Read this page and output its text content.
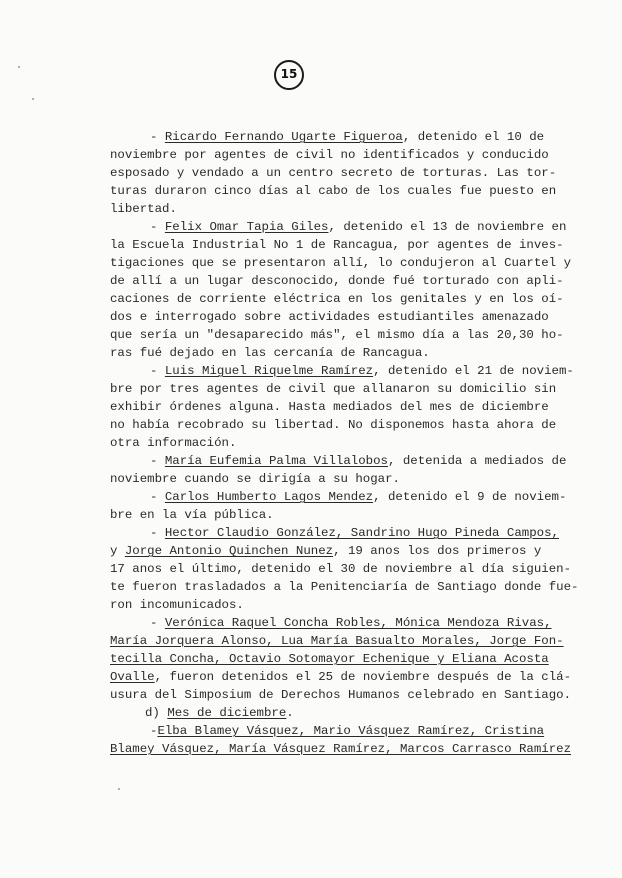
15
- Ricardo Fernando Ugarte Figueroa, detenido el 10 de
noviembre por agentes de civil no identificados y conducido
esposado y vendado a un centro secreto de torturas. Las tor-
turas duraron cinco días al cabo de los cuales fue puesto en
libertad.
- Felix Omar Tapia Giles, detenido el 13 de noviembre en
la Escuela Industrial No 1 de Rancagua, por agentes de inves-
tigaciones que se presentaron allí, lo condujeron al Cuartel y
de allí a un lugar desconocido, donde fué torturado con apli-
caciones de corriente eléctrica en los genitales y en los oí-
dos e interrogado sobre actividades estudiantiles amenazado
que sería un "desaparecido más", el mismo día a las 20,30 ho-
ras fué dejado en las cercanía de Rancagua.
- Luis Miguel Riquelme Ramírez, detenido el 21 de noviem-
bre por tres agentes de civil que allanaron su domicilio sin
exhibir órdenes alguna. Hasta mediados del mes de diciembre
no había recobrado su libertad. No disponemos hasta ahora de
otra información.
- María Eufemia Palma Villalobos, detenida a mediados de
noviembre cuando se dirigía a su hogar.
- Carlos Humberto Lagos Mendez, detenido el 9 de noviem-
bre en la vía pública.
- Hector Claudio González, Sandrino Hugo Pineda Campos,
y Jorge Antonio Quinchen Nunez, 19 anos los dos primeros y
17 anos el último, detenido el 30 de noviembre al día siguien-
te fueron trasladados a la Penitenciaría de Santiago donde fue-
ron incomunicados.
- Verónica Raquel Concha Robles, Mónica Mendoza Rivas,
María Jorquera Alonso, Lua María Basualto Morales, Jorge Fon-
tecilla Concha, Octavio Sotomayor Echenique y Eliana Acosta
Ovalle, fueron detenidos el 25 de noviembre después de la clá-
usura del Simposium de Derechos Humanos celebrado en Santiago.
d) Mes de diciembre.
-Elba Blamey Vásquez, Mario Vásquez Ramírez, Cristina
Blamey Vásquez, María Vásquez Ramírez, Marcos Carrasco Ramírez
